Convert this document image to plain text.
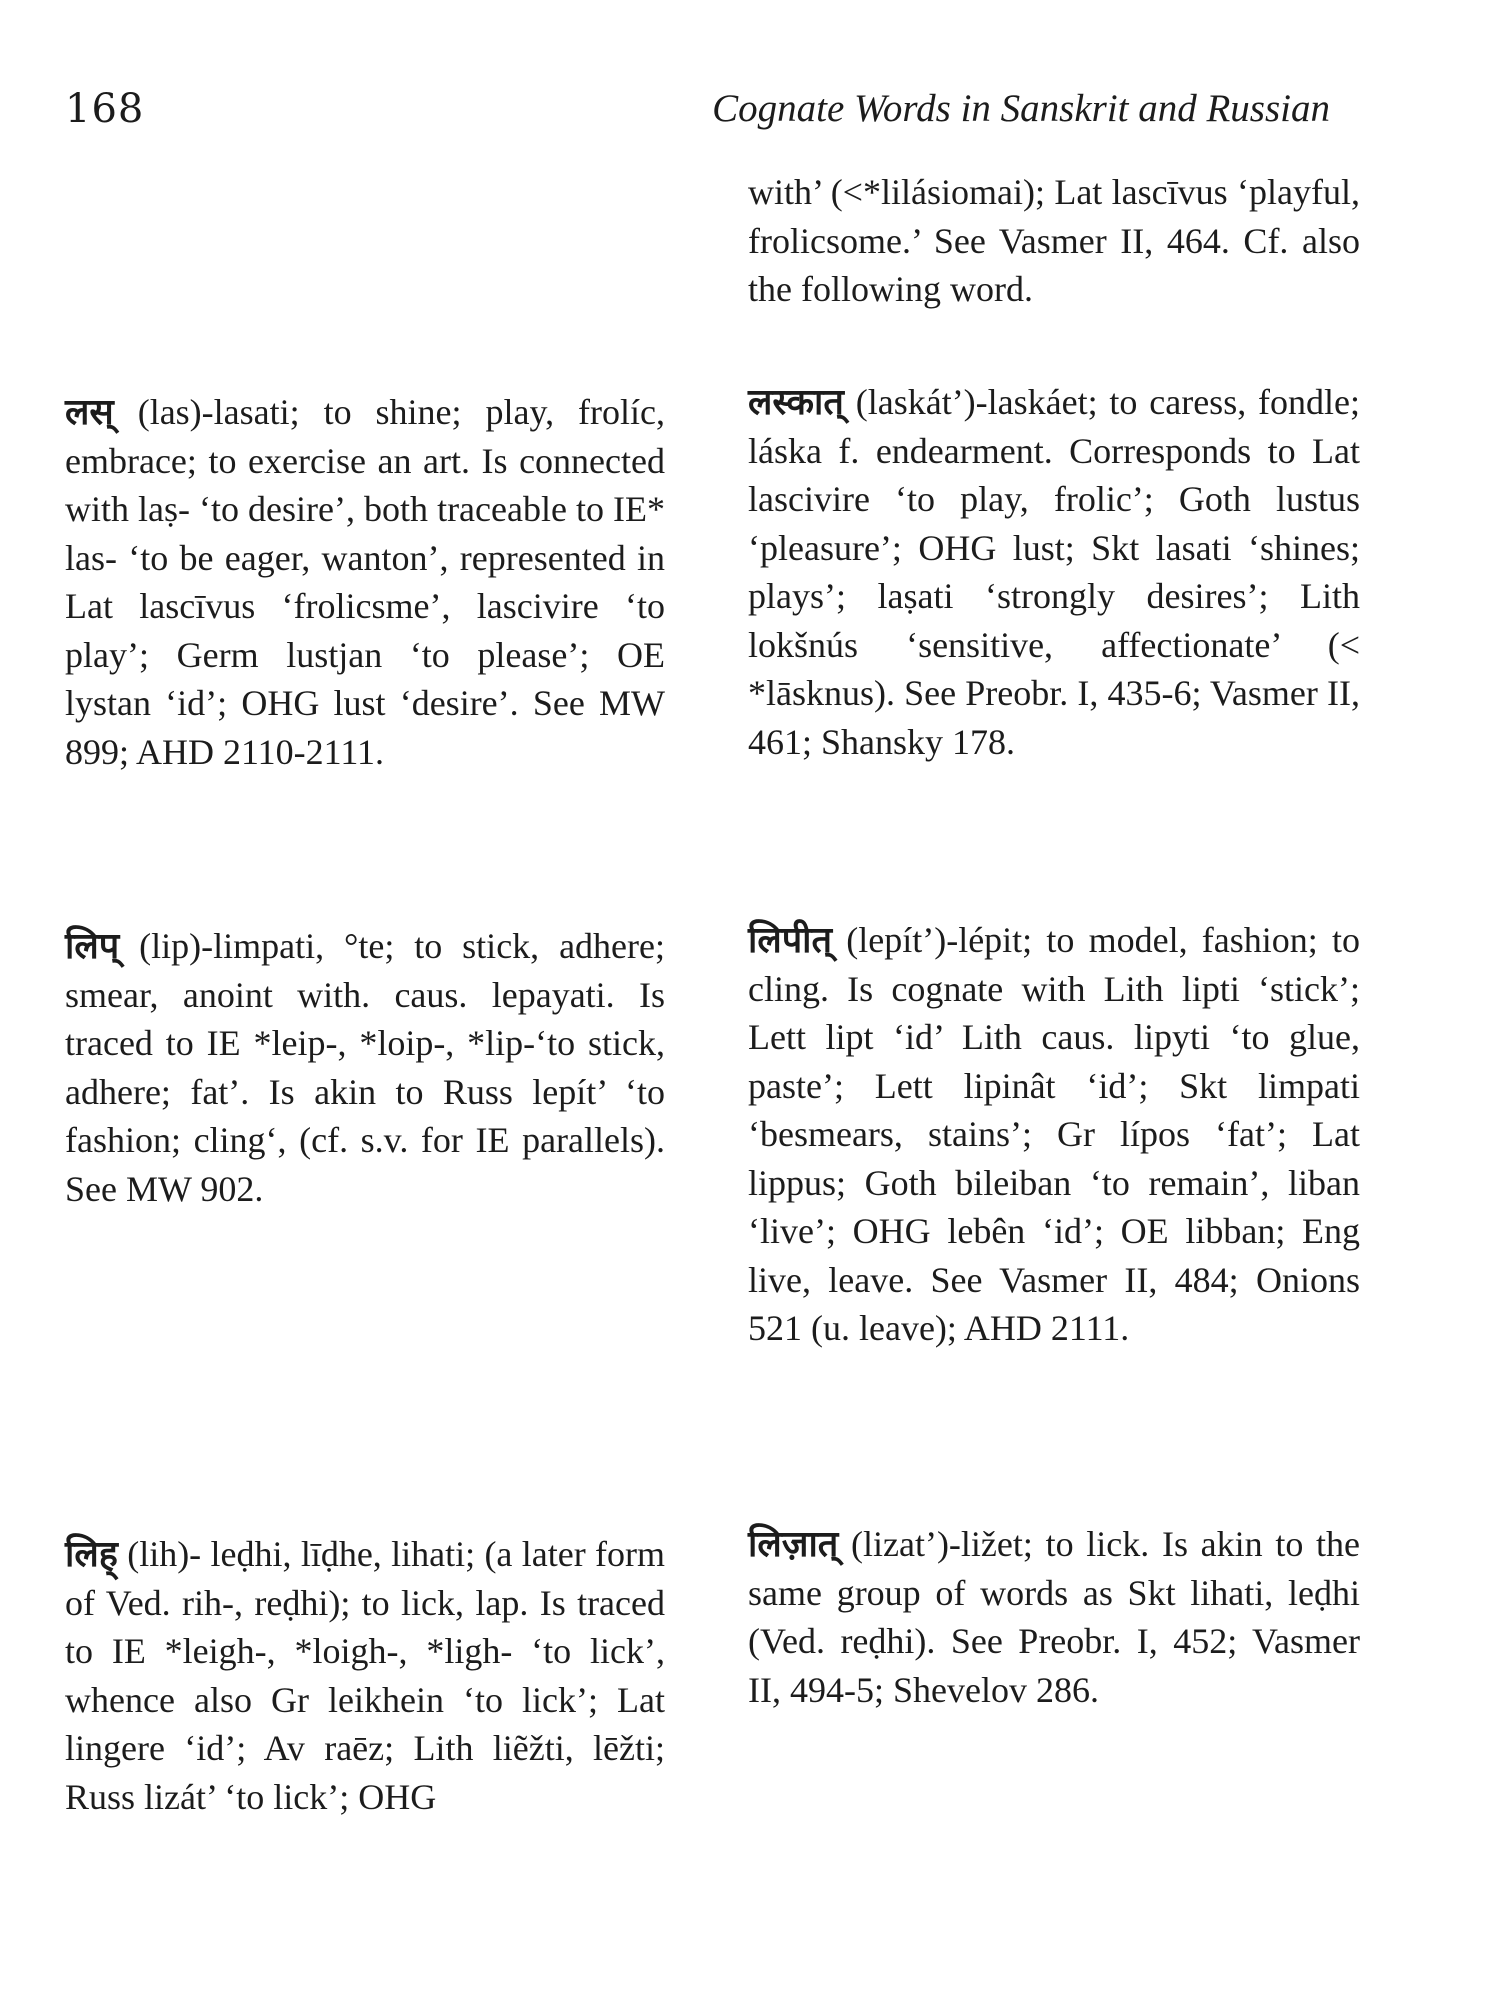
168	Cognate Words in Sanskrit and Russian

लस् (las)-lasati; to shine; play, frolíc, embrace; to exercise an art. Is connected with laṣ- ‘to desire’, both traceable to IE* las- ‘to be eager, wanton’, represented in Lat lascīvus ‘frolicsme’, lascivire ‘to play’; Germ lustjan ‘to please’; OE lystan ‘id’; OHG lust ‘desire’. See MW 899; AHD 2110-2111.

लिप् (lip)-limpati, °te; to stick, adhere; smear, anoint with. caus. lepayati. Is traced to IE *leip-, *loip-, *lip-‘to stick, adhere; fat’. Is akin to Russ lepít’ ‘to fashion; cling‘, (cf. s.v. for IE parallels). See MW 902.

लिह् (lih)- leḍhi, līḍhe, lihati; (a later form of Ved. rih-, reḍhi); to lick, lap. Is traced to IE *leigh-, *loigh-, *ligh- ‘to lick’, whence also Gr leikhein ‘to lick’; Lat lingere ‘id’; Av raēz; Lith liẽžti, lēžti; Russ lizát’ ‘to lick’; OHG

with’ (<*lilásiomai); Lat lascīvus ‘playful, frolicsome.’ See Vasmer II, 464. Cf. also the following word.

लस्कात् (laskát’)-laskáet; to caress, fondle; láska f. endearment. Corresponds to Lat lascivire ‘to play, frolic’; Goth lustus ‘pleasure’; OHG lust; Skt lasati ‘shines; plays’; laṣati ‘strongly desires’; Lith lokšnús ‘sensitive, affectionate’ (< *lāsknus). See Preobr. I, 435-6; Vasmer II, 461; Shansky 178.

लिपीत् (lepít’)-lépit; to model, fashion; to cling. Is cognate with Lith lipti ‘stick’; Lett lipt ‘id’ Lith caus. lipyti ‘to glue, paste’; Lett lipinât ‘id’; Skt limpati ‘besmears, stains’; Gr lípos ‘fat’; Lat lippus; Goth bileiban ‘to remain’, liban ‘live’; OHG lebên ‘id’; OE libban; Eng live, leave. See Vasmer II, 484; Onions 521 (u. leave); AHD 2111.

लिज़ात् (lizat’)-ližet; to lick. Is akin to the same group of words as Skt lihati, leḍhi (Ved. reḍhi). See Preobr. I, 452; Vasmer II, 494-5; Shevelov 286.
